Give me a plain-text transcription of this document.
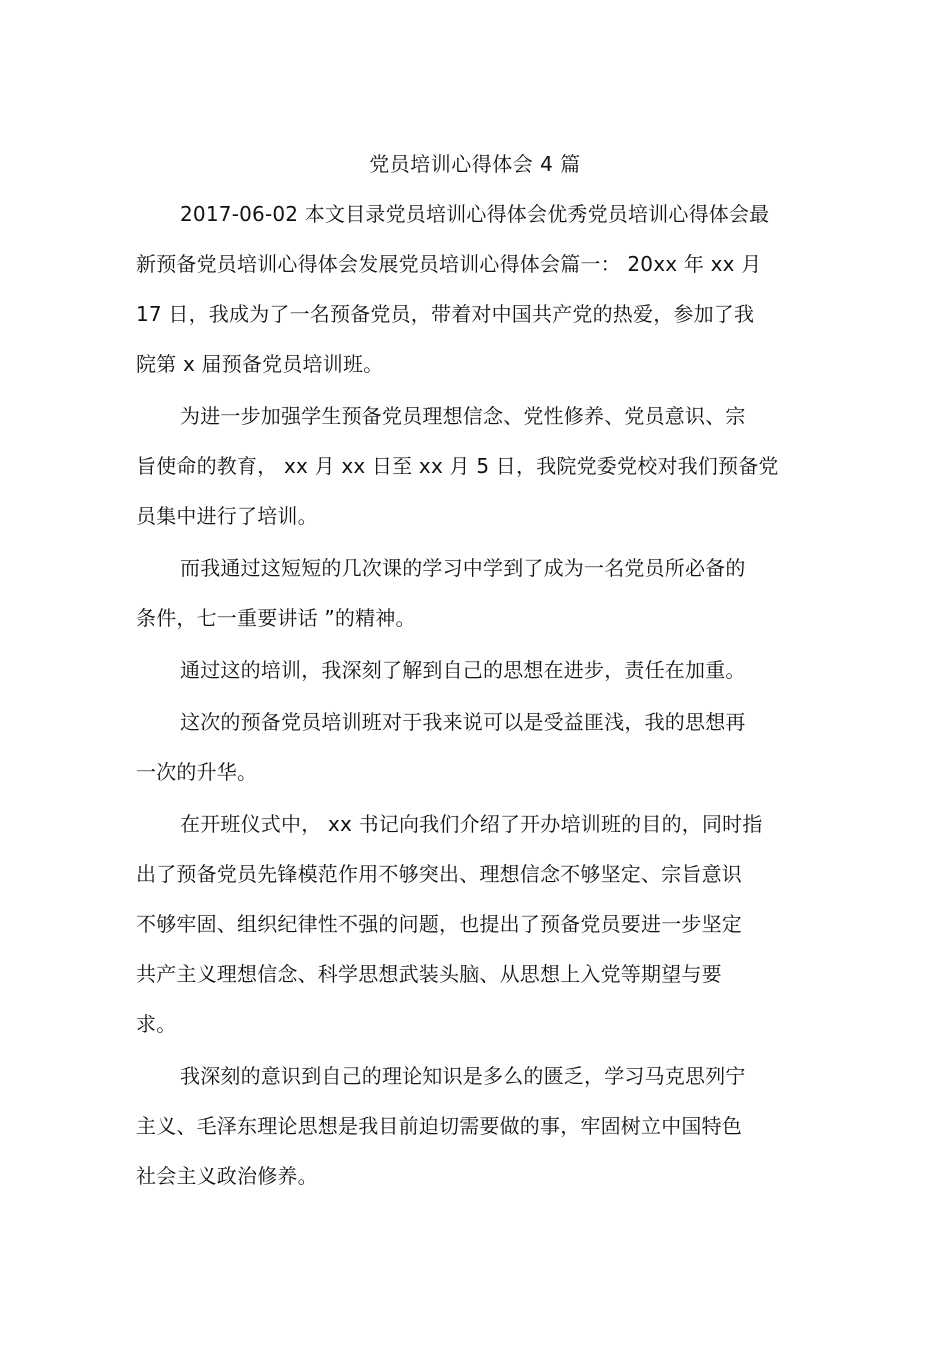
党员培训心得体会 4 篇
2017-06-02 本文目录党员培训心得体会优秀党员培训心得体会最
新预备党员培训心得体会发展党员培训心得体会篇一： 20xx 年 xx 月
17 日，我成为了一名预备党员，带着对中国共产党的热爱，参加了我
院第 x 届预备党员培训班。
为进一步加强学生预备党员理想信念、党性修养、党员意识、宗
旨使命的教育， xx 月 xx 日至 xx 月 5 日，我院党委党校对我们预备党
员集中进行了培训。
而我通过这短短的几次课的学习中学到了成为一名党员所必备的
条件，七一重要讲话 ”的精神。
通过这的培训，我深刻了解到自己的思想在进步，责任在加重。
这次的预备党员培训班对于我来说可以是受益匪浅，我的思想再
一次的升华。
在开班仪式中， xx 书记向我们介绍了开办培训班的目的，同时指
出了预备党员先锋模范作用不够突出、理想信念不够坚定、宗旨意识
不够牢固、组织纪律性不强的问题，也提出了预备党员要进一步坚定
共产主义理想信念、科学思想武装头脑、从思想上入党等期望与要
求。
我深刻的意识到自己的理论知识是多么的匮乏，学习马克思列宁
主义、毛泽东理论思想是我目前迫切需要做的事，牢固树立中国特色
社会主义政治修养。
